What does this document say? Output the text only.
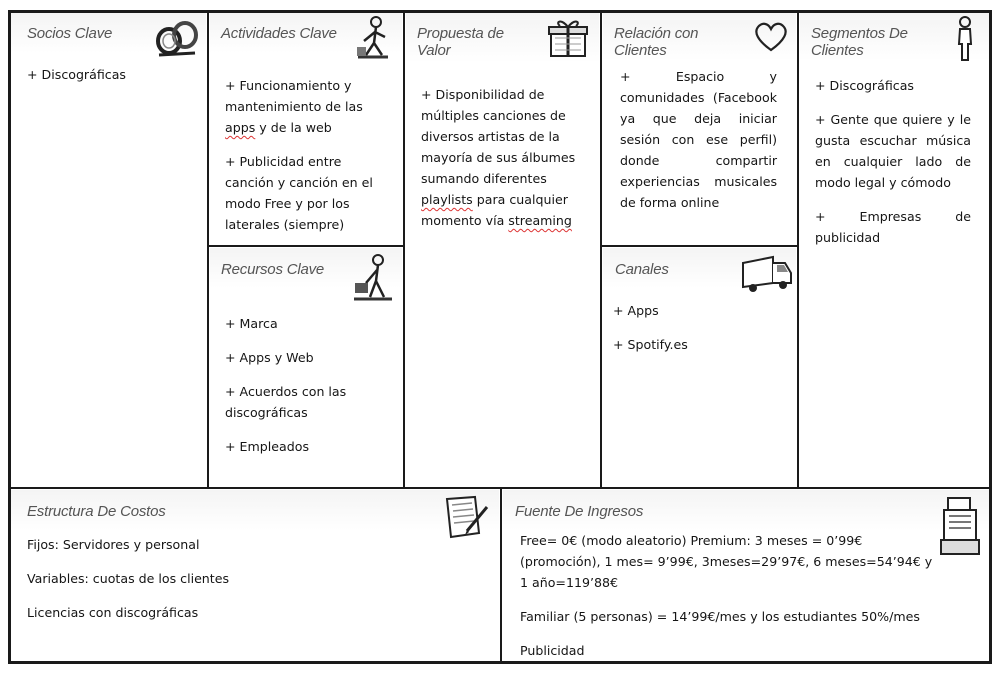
Socios Clave

+ Discográficas

Actividades Clave

+ Funcionamiento y mantenimiento de las apps y de la web

+ Publicidad entre canción y canción en el modo Free y por los laterales (siempre)

Recursos Clave

+ Marca

+ Apps y Web

+ Acuerdos con las discográficas

+ Empleados

Propuesta de
Valor

+ Disponibilidad de múltiples canciones de diversos artistas de la mayoría de sus álbumes sumando diferentes playlists para cualquier momento vía streaming

Relación con
Clientes

+ Espacio y comunidades (Facebook ya que deja iniciar sesión con ese perfil) donde compartir experiencias musicales de forma online

Canales

+ Apps

+ Spotify.es

Segmentos De
Clientes

+ Discográficas

+ Gente que quiere y le gusta escuchar música en cualquier lado de modo legal y cómodo

+ Empresas de publicidad

Estructura De Costos

Fijos: Servidores y personal

Variables: cuotas de los clientes

Licencias con discográficas

Fuente De Ingresos

Free= 0€ (modo aleatorio) Premium: 3 meses = 0’99€ (promoción), 1 mes= 9’99€, 3meses=29’97€, 6 meses=54’94€ y 1 año=119’88€

Familiar (5 personas) = 14’99€/mes y los estudiantes 50%/mes

Publicidad
